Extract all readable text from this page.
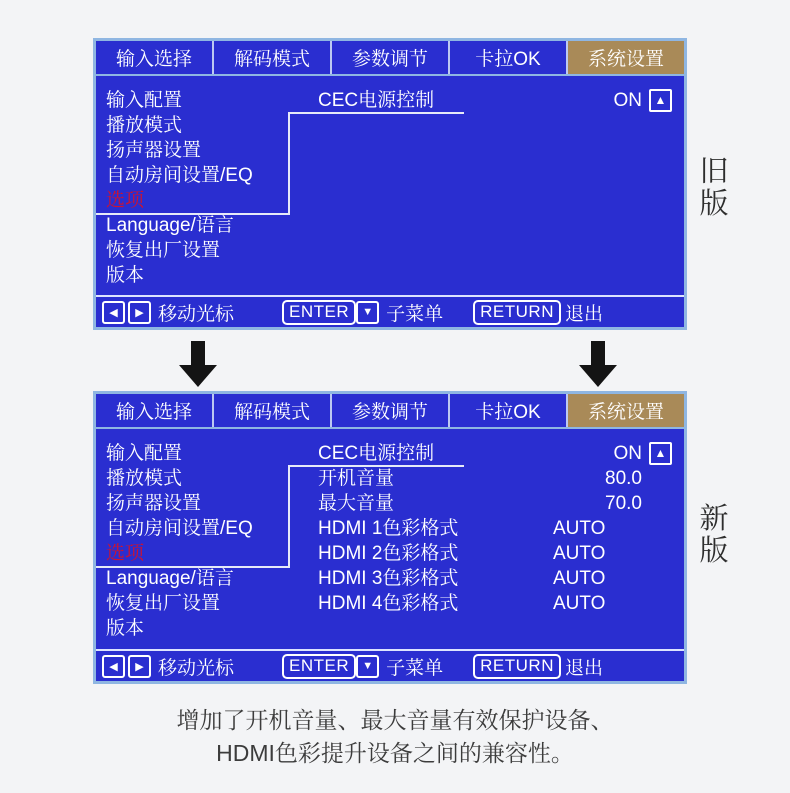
输入选择	解码模式	参数调节	卡拉OK	系统设置
输入配置
播放模式
扬声器设置
自动房间设置/EQ
选项
Language/语言
恢复出厂设置
版本
CEC电源控制	ON	▲
◀	▶ 移动光标	ENTER	▼ 子菜单	RETURN 退出
输入选择	解码模式	参数调节	卡拉OK	系统设置
输入配置
播放模式
扬声器设置
自动房间设置/EQ
选项
Language/语言
恢复出厂设置
版本
CEC电源控制	ON	▲
开机音量	80.0
最大音量	70.0
HDMI 1色彩格式	AUTO
HDMI 2色彩格式	AUTO
HDMI 3色彩格式	AUTO
HDMI 4色彩格式	AUTO
◀	▶ 移动光标	ENTER	▼ 子菜单	RETURN 退出
旧版
新版
增加了开机音量、最大音量有效保护设备、
HDMI色彩提升设备之间的兼容性。
